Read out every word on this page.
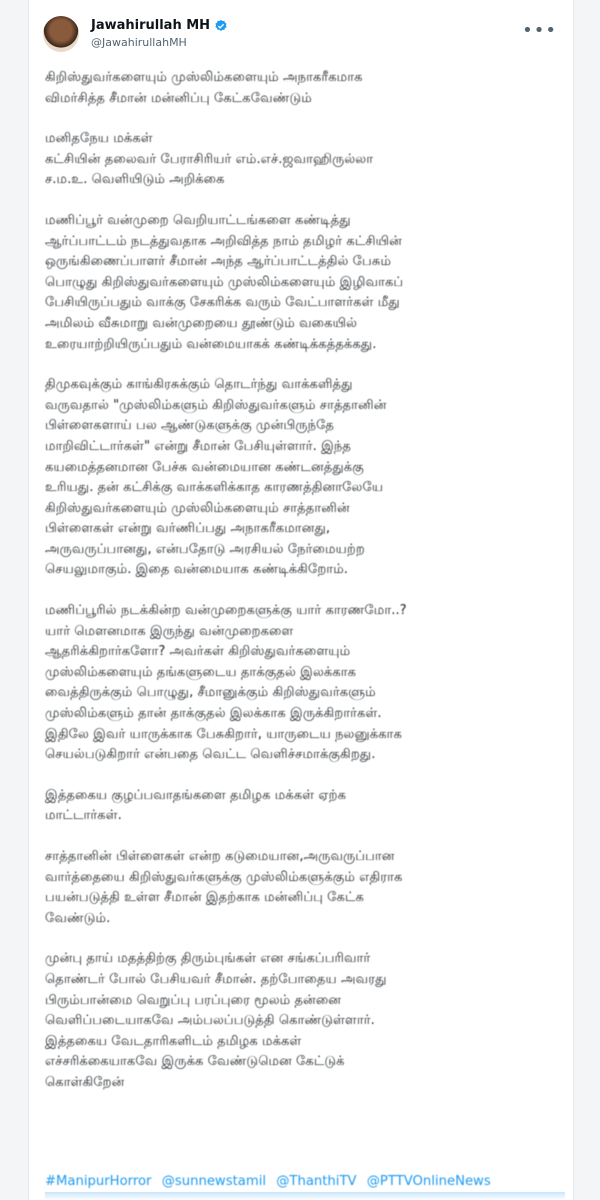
Jawahirullah MH
@JawahirullahMH
•••

கிறிஸ்துவர்களையும் முஸ்லிம்களையும் அநாகரீகமாக
விமர்சித்த சீமான் மன்னிப்பு கேட்கவேண்டும்

மனிதநேய மக்கள்
கட்சியின் தலைவர் பேராசிரியர் எம்.எச்.ஜவாஹிருல்லா
ச.ம.உ. வெளியிடும் அறிக்கை

மணிப்பூர் வன்முறை வெறியாட்டங்களை கண்டித்து
ஆர்ப்பாட்டம் நடத்துவதாக அறிவித்த நாம் தமிழர் கட்சியின்
ஒருங்கிணைப்பாளர் சீமான் அந்த ஆர்ப்பாட்டத்தில் பேசும்
பொழுது கிறிஸ்துவர்களையும் முஸ்லிம்களையும் இழிவாகப்
பேசியிருப்பதும் வாக்கு சேகரிக்க வரும் வேட்பாளர்கள் மீது
அமிலம் வீசுமாறு வன்முறையை தூண்டும் வகையில்
உரையாற்றியிருப்பதும் வன்மையாகக் கண்டிக்கத்தக்கது.

திமுகவுக்கும் காங்கிரசுக்கும் தொடர்ந்து வாக்களித்து
வருவதால் "முஸ்லிம்களும் கிறிஸ்துவர்களும் சாத்தானின்
பிள்ளைகளாய் பல ஆண்டுகளுக்கு முன்பிருந்தே
மாறிவிட்டார்கள்" என்று சீமான் பேசியுள்ளார். இந்த
கயமைத்தனமான பேச்சு வன்மையான கண்டனத்துக்கு
உரியது. தன் கட்சிக்கு வாக்களிக்காத காரணத்தினாலேயே
கிறிஸ்துவர்களையும் முஸ்லிம்களையும் சாத்தானின்
பிள்ளைகள் என்று வர்ணிப்பது அநாகரீகமானது,
அருவருப்பானது, என்பதோடு அரசியல் நேர்மையற்ற
செயலுமாகும். இதை வன்மையாக கண்டிக்கிறோம்.

மணிப்பூரில் நடக்கின்ற வன்முறைகளுக்கு யார் காரணமோ..?
யார் மௌனமாக இருந்து வன்முறைகளை
ஆதரிக்கிறார்களோ? அவர்கள் கிறிஸ்துவர்களையும்
முஸ்லிம்களையும் தங்களுடைய தாக்குதல் இலக்காக
வைத்திருக்கும் பொழுது, சீமானுக்கும் கிறிஸ்துவர்களும்
முஸ்லிம்களும் தான் தாக்குதல் இலக்காக இருக்கிறார்கள்.
இதிலே இவர் யாருக்காக பேசுகிறார், யாருடைய நலனுக்காக
செயல்படுகிறார் என்பதை வெட்ட வெளிச்சமாக்குகிறது.

இத்தகைய குழப்பவாதங்களை தமிழக மக்கள் ஏற்க
மாட்டார்கள்.

சாத்தானின் பிள்ளைகள் என்ற கடுமையான,அருவருப்பான
வார்த்தையை கிறிஸ்துவர்களுக்கு முஸ்லிம்களுக்கும் எதிராக
பயன்படுத்தி உள்ள சீமான் இதற்காக மன்னிப்பு கேட்க
வேண்டும்.

முன்பு தாய் மதத்திற்கு திரும்புங்கள் என சங்கப்பரிவார்
தொண்டர் போல் பேசியவர் சீமான். தற்போதைய அவரது
பிரும்பான்மை வெறுப்பு பரப்புரை மூலம் தன்னை
வெளிப்படையாகவே அம்பலப்படுத்தி கொண்டுள்ளார்.
இத்தகைய வேடதாரிகளிடம் தமிழக மக்கள்
எச்சரிக்கையாகவே இருக்க வேண்டுமென கேட்டுக்
கொள்கிறேன்

#ManipurHorror @sunnewstamil @ThanthiTV @PTTVOnlineNews
